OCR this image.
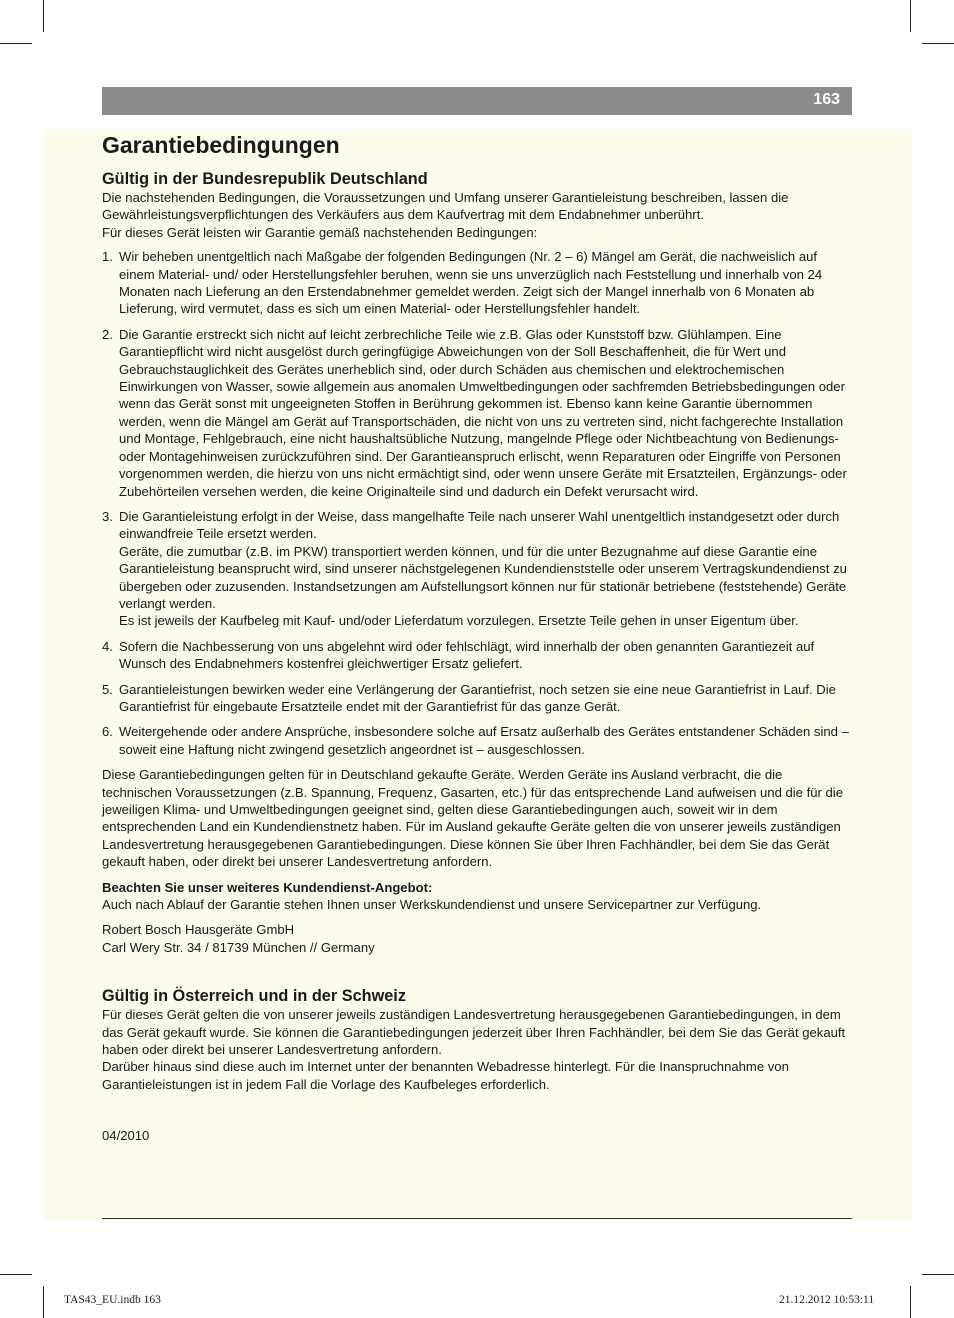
163
Garantiebedingungen
Gültig in der Bundesrepublik Deutschland

Die nachstehenden Bedingungen, die Voraussetzungen und Umfang unserer Garantieleistung beschreiben, lassen die Gewährleistungsverpflichtungen des Verkäufers aus dem Kaufvertrag mit dem Endabnehmer unberührt.

Für dieses Gerät leisten wir Garantie gemäß nachstehenden Bedingungen:

1. Wir beheben unentgeltlich nach Maßgabe der folgenden Bedingungen (Nr. 2 – 6) Mängel am Gerät, die nachweislich auf einem Material- und/ oder Herstellungsfehler beruhen, wenn sie uns unverzüglich nach Feststellung und innerhalb von 24 Monaten nach Lieferung an den Erstendabnehmer gemeldet werden. Zeigt sich der Mangel innerhalb von 6 Monaten ab Lieferung, wird vermutet, dass es sich um einen Material- oder Herstellungsfehler handelt.
2. Die Garantie erstreckt sich nicht auf leicht zerbrechliche Teile wie z.B. Glas oder Kunststoff bzw. Glühlampen. Eine Garantiepflicht wird nicht ausgelöst durch geringfügige Abweichungen von der Soll Beschaffenheit, die für Wert und Gebrauchstauglichkeit des Gerätes unerheblich sind, oder durch Schäden aus chemischen und elektrochemischen Einwirkungen von Wasser, sowie allgemein aus anomalen Umweltbedingungen oder sachfremden Betriebsbedingungen oder wenn das Gerät sonst mit ungeeigneten Stoffen in Berührung gekommen ist. Ebenso kann keine Garantie übernommen werden, wenn die Mängel am Gerät auf Transportschäden, die nicht von uns zu vertreten sind, nicht fachgerechte Installation und Montage, Fehlgebrauch, eine nicht haushaltsübliche Nutzung, mangelnde Pflege oder Nichtbeachtung von Bedienungs- oder Montagehinweisen zurückzuführen sind. Der Garantieanspruch erlischt, wenn Reparaturen oder Eingriffe von Personen vorgenommen werden, die hierzu von uns nicht ermächtigt sind, oder wenn unsere Geräte mit Ersatzteilen, Ergänzungs- oder Zubehörteilen versehen werden, die keine Originalteile sind und dadurch ein Defekt verursacht wird.
3. Die Garantieleistung erfolgt in der Weise, dass mangelhafte Teile nach unserer Wahl unentgeltlich instandgesetzt oder durch einwandfreie Teile ersetzt werden.
Geräte, die zumutbar (z.B. im PKW) transportiert werden können, und für die unter Bezugnahme auf diese Garantie eine Garantieleistung beansprucht wird, sind unserer nächstgelegenen Kundendienststelle oder unserem Vertragskundendienst zu übergeben oder zuzusenden. Instandsetzungen am Aufstellungsort können nur für stationär betriebene (feststehende) Geräte verlangt werden.
Es ist jeweils der Kaufbeleg mit Kauf- und/oder Lieferdatum vorzulegen. Ersetzte Teile gehen in unser Eigentum über.
4. Sofern die Nachbesserung von uns abgelehnt wird oder fehlschlägt, wird innerhalb der oben genannten Garantiezeit auf Wunsch des Endabnehmers kostenfrei gleichwertiger Ersatz geliefert.
5. Garantieleistungen bewirken weder eine Verlängerung der Garantiefrist, noch setzen sie eine neue Garantiefrist in Lauf. Die Garantiefrist für eingebaute Ersatzteile endet mit der Garantiefrist für das ganze Gerät.
6. Weitergehende oder andere Ansprüche, insbesondere solche auf Ersatz außerhalb des Gerätes entstandener Schäden sind – soweit eine Haftung nicht zwingend gesetzlich angeordnet ist – ausgeschlossen.

Diese Garantiebedingungen gelten für in Deutschland gekaufte Geräte. Werden Geräte ins Ausland verbracht, die die technischen Voraussetzungen (z.B. Spannung, Frequenz, Gasarten, etc.) für das entsprechende Land aufweisen und die für die jeweiligen Klima- und Umweltbedingungen geeignet sind, gelten diese Garantiebedingungen auch, soweit wir in dem entsprechenden Land ein Kundendienstnetz haben. Für im Ausland gekaufte Geräte gelten die von unserer jeweils zuständigen Landesvertretung herausgegebenen Garantiebedingungen. Diese können Sie über Ihren Fachhändler, bei dem Sie das Gerät gekauft haben, oder direkt bei unserer Landesvertretung anfordern.

Beachten Sie unser weiteres Kundendienst-Angebot:

Auch nach Ablauf der Garantie stehen Ihnen unser Werkskundendienst und unsere Servicepartner zur Verfügung.

Robert Bosch Hausgeräte GmbH

Carl Wery Str. 34 / 81739 München // Germany

Gültig in Österreich und in der Schweiz

Für dieses Gerät gelten die von unserer jeweils zuständigen Landesvertretung herausgegebenen Garantiebedingungen, in dem das Gerät gekauft wurde. Sie können die Garantiebedingungen jederzeit über Ihren Fachhändler, bei dem Sie das Gerät gekauft haben oder direkt bei unserer Landesvertretung anfordern.

Darüber hinaus sind diese auch im Internet unter der benannten Webadresse hinterlegt. Für die Inanspruchnahme von Garantieleistungen ist in jedem Fall die Vorlage des Kaufbeleges erforderlich.

04/2010

TAS43_EU.indb 163	21.12.2012 10:53:11
